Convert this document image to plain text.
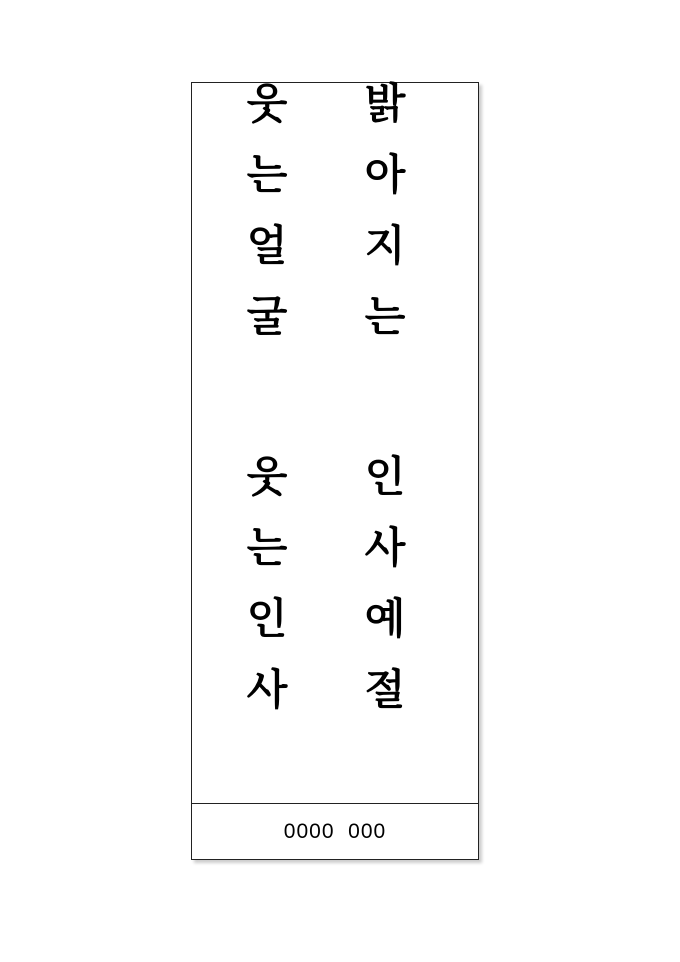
웃
는
얼
굴
웃
는
인
사
밝
아
지
는
인
사
예
절
0000  000
